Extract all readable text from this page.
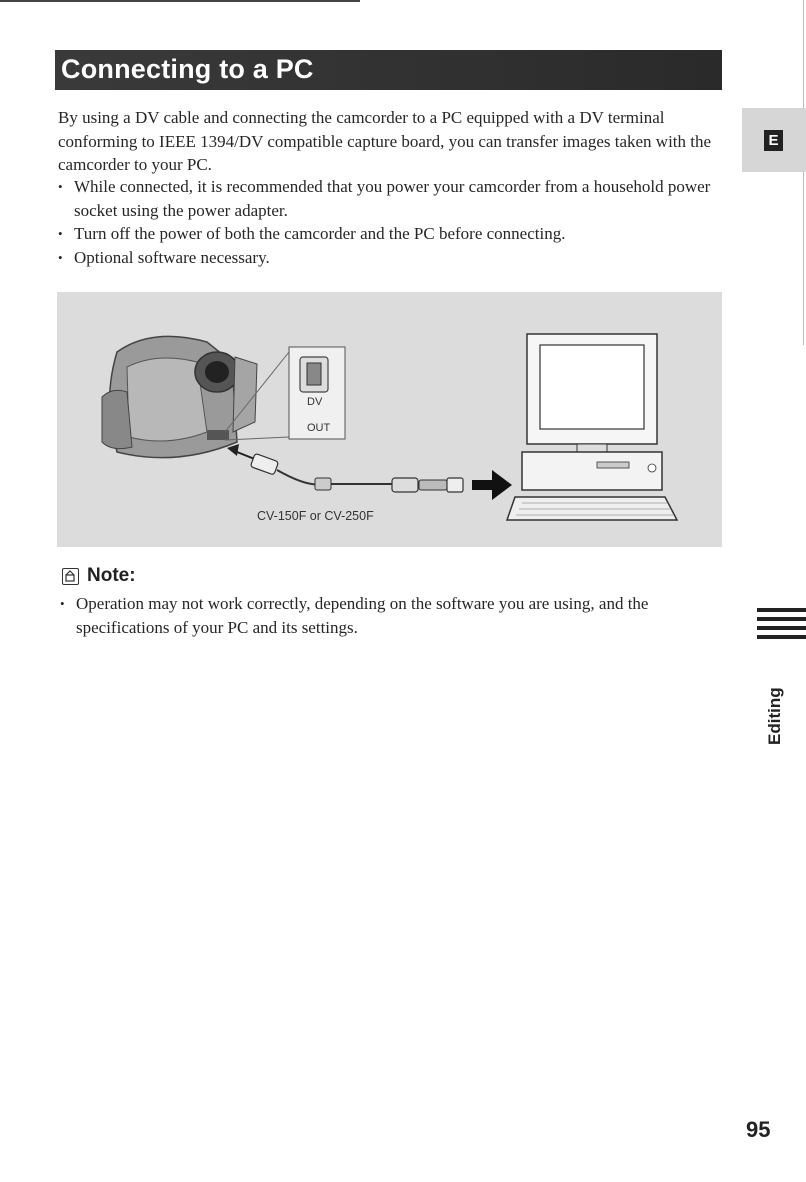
Connecting to a PC

By using a DV cable and connecting the camcorder to a PC equipped with a DV terminal conforming to IEEE 1394/DV compatible capture board, you can transfer images taken with the camcorder to your PC.

• While connected, it is recommended that you power your camcorder from a household power socket using the power adapter.
• Turn off the power of both the camcorder and the PC before connecting.
• Optional software necessary.
DV
OUT
CV-150F or CV-250F
Note:
• Operation may not work correctly, depending on the software you are using, and the specifications of your PC and its settings.
E
Editing
95
